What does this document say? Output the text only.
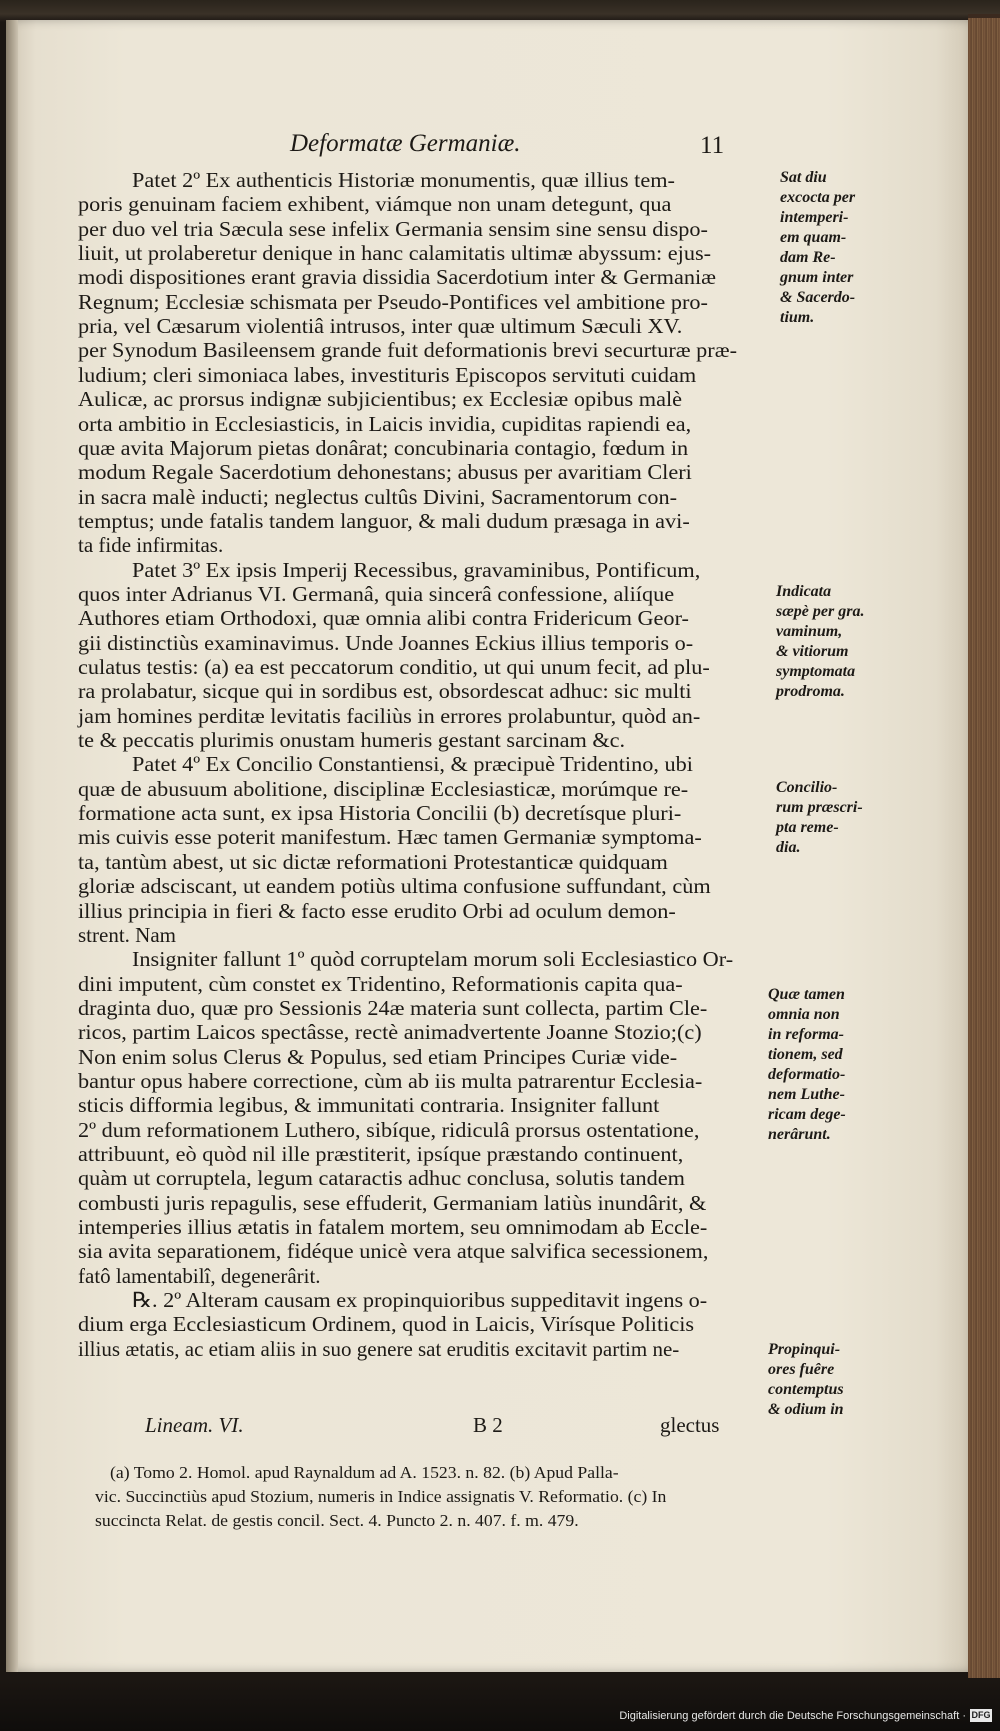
Deformatæ Germaniæ.	11
Patet 2º Ex authenticis Historiæ monumentis, quæ illius tem-
poris genuinam faciem exhibent, viámque non unam detegunt, qua
per duo vel tria Sæcula sese infelix Germania sensim sine sensu dispo-
liuit, ut prolaberetur denique in hanc calamitatis ultimæ abyssum: ejus-
modi dispositiones erant gravia dissidia Sacerdotium inter & Germaniæ
Regnum; Ecclesiæ schismata per Pseudo-Pontifices vel ambitione pro-
pria, vel Cæsarum violentiâ intrusos, inter quæ ultimum Sæculi XV.
per Synodum Basileensem grande fuit deformationis brevi securturæ præ-
ludium; cleri simoniaca labes, investituris Episcopos servituti cuidam
Aulicæ, ac prorsus indignæ subjicientibus; ex Ecclesiæ opibus malè
orta ambitio in Ecclesiasticis, in Laicis invidia, cupiditas rapiendi ea,
quæ avita Majorum pietas donârat; concubinaria contagio, fœdum in
modum Regale Sacerdotium dehonestans; abusus per avaritiam Cleri
in sacra malè inducti; neglectus cultûs Divini, Sacramentorum con-
temptus; unde fatalis tandem languor, & mali dudum præsaga in avi-
ta fide infirmitas.
Patet 3º Ex ipsis Imperij Recessibus, gravaminibus, Pontificum,
quos inter Adrianus VI. Germanâ, quia sincerâ confessione, aliíque
Authores etiam Orthodoxi, quæ omnia alibi contra Fridericum Geor-
gii distinctiùs examinavimus. Unde Joannes Eckius illius temporis o-
culatus testis: (a) ea est peccatorum conditio, ut qui unum fecit, ad plu-
ra prolabatur, sicque qui in sordibus est, obsordescat adhuc: sic multi
jam homines perditæ levitatis faciliùs in errores prolabuntur, quòd an-
te & peccatis plurimis onustam humeris gestant sarcinam &c.
Patet 4º Ex Concilio Constantiensi, & præcipuè Tridentino, ubi
quæ de abusuum abolitione, disciplinæ Ecclesiasticæ, morúmque re-
formatione acta sunt, ex ipsa Historia Concilii (b) decretísque pluri-
mis cuivis esse poterit manifestum. Hæc tamen Germaniæ symptoma-
ta, tantùm abest, ut sic dictæ reformationi Protestanticæ quidquam
gloriæ adsciscant, ut eandem potiùs ultima confusione suffundant, cùm
illius principia in fieri & facto esse erudito Orbi ad oculum demon-
strent. Nam
Insigniter fallunt 1º quòd corruptelam morum soli Ecclesiastico Or-
dini imputent, cùm constet ex Tridentino, Reformationis capita qua-
draginta duo, quæ pro Sessionis 24æ materia sunt collecta, partim Cle-
ricos, partim Laicos spectâsse, rectè animadvertente Joanne Stozio;(c)
Non enim solus Clerus & Populus, sed etiam Principes Curiæ vide-
bantur opus habere correctione, cùm ab iis multa patrarentur Ecclesia-
sticis difformia legibus, & immunitati contraria. Insigniter fallunt
2º dum reformationem Luthero, sibíque, ridiculâ prorsus ostentatione,
attribuunt, eò quòd nil ille præstiterit, ipsíque præstando continuent,
quàm ut corruptela, legum cataractis adhuc conclusa, solutis tandem
combusti juris repagulis, sese effuderit, Germaniam latiùs inundârit, &
intemperies illius ætatis in fatalem mortem, seu omnimodam ab Eccle-
sia avita separationem, fidéque unicè vera atque salvifica secessionem,
fatô lamentabilî, degenerârit.
℞. 2º Alteram causam ex propinquioribus suppeditavit ingens o-
dium erga Ecclesiasticum Ordinem, quod in Laicis, Virísque Politicis
illius ætatis, ac etiam aliis in suo genere sat eruditis excitavit partim ne-
Lineam. VI.	B 2	glectus
Sat diu
excocta per
intemperi-
em quam-
dam Re-
gnum inter
& Sacerdo-
tium.
Indicata
sæpè per gra.
vaminum,
& vitiorum
symptomata
prodroma.
Concilio-
rum præscri-
pta reme-
dia.
Quæ tamen
omnia non
in reforma-
tionem, sed
deformatio-
nem Luthe-
ricam dege-
nerârunt.
Propinqui-
ores fuêre
contemptus
& odium in
(a) Tomo 2. Homol. apud Raynaldum ad A. 1523. n. 82. (b) Apud Palla-
vic. Succinctiùs apud Stozium, numeris in Indice assignatis V. Reformatio. (c) In
succincta Relat. de gestis concil. Sect. 4. Puncto 2. n. 407. f. m. 479.
Digitalisierung gefördert durch die Deutsche Forschungsgemeinschaft · DFG
